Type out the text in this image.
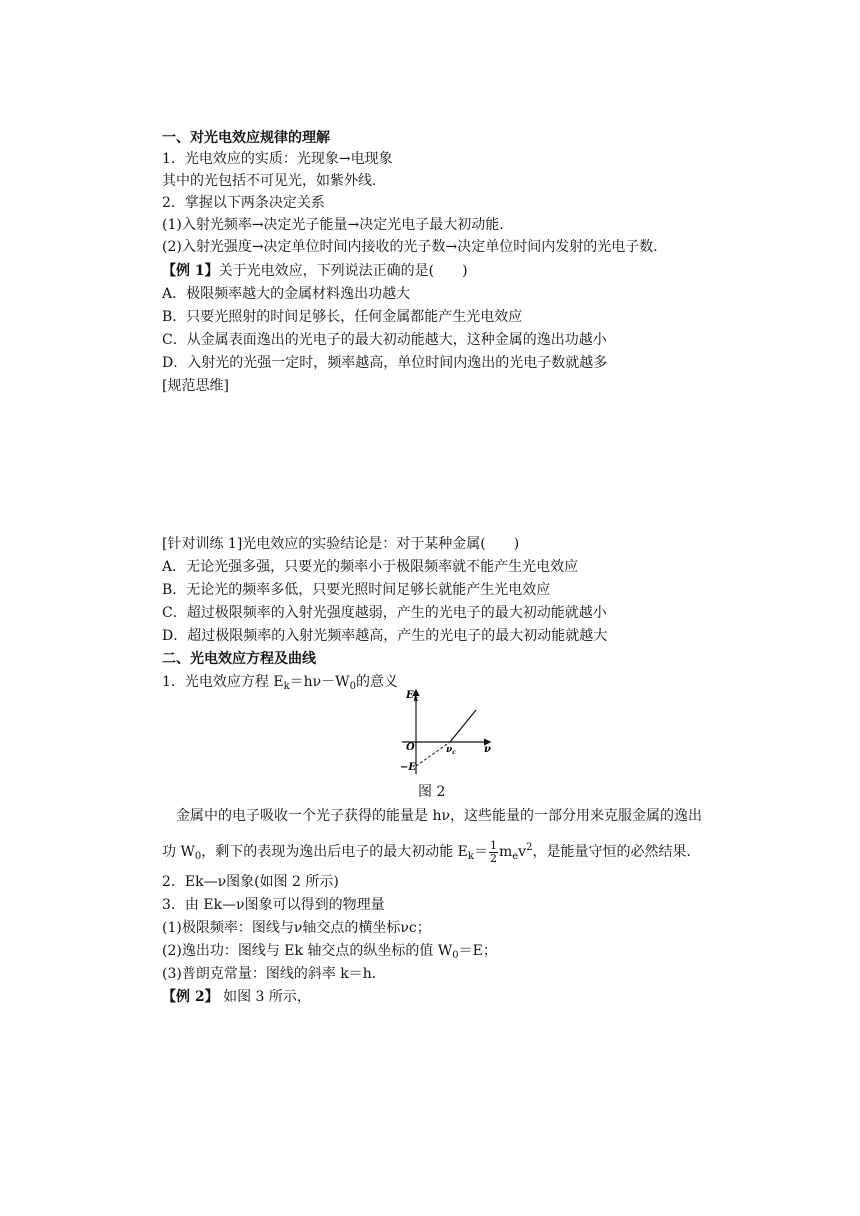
一、对光电效应规律的理解
1．光电效应的实质：光现象→电现象
其中的光包括不可见光，如紫外线．
2．掌握以下两条决定关系
(1)入射光频率→决定光子能量→决定光电子最大初动能．
(2)入射光强度→决定单位时间内接收的光子数→决定单位时间内发射的光电子数．
【例 1】关于光电效应，下列说法正确的是(　　)
A．极限频率越大的金属材料逸出功越大
B．只要光照射的时间足够长，任何金属都能产生光电效应
C．从金属表面逸出的光电子的最大初动能越大，这种金属的逸出功越小
D．入射光的光强一定时，频率越高，单位时间内逸出的光电子数就越多
[规范思维]
[针对训练 1]光电效应的实验结论是：对于某种金属(　　)
A．无论光强多强，只要光的频率小于极限频率就不能产生光电效应
B．无论光的频率多低，只要光照时间足够长就能产生光电效应
C．超过极限频率的入射光强度越弱，产生的光电子的最大初动能就越小
D．超过极限频率的入射光频率越高，产生的光电子的最大初动能就越大
二、光电效应方程及曲线
1．光电效应方程 $E_k=h\nu-W_0$的意义
$E_k$
ν
O
−E
$\nu_c$
图 2
金属中的电子吸收一个光子获得的能量是 hν，这些能量的一部分用来克服金属的逸出
功 $W_0$，剩下的表现为逸出后电子的最大初动能 $E_k= \frac{1}{2} m_ev^2$，是能量守恒的必然结果．
2．Ek—ν图象(如图 2 所示)
3．由 Ek—ν图象可以得到的物理量
(1)极限频率：图线与ν轴交点的横坐标νc；
(2)逸出功：图线与 Ek 轴交点的纵坐标的值 $W_0=E$；
(3)普朗克常量：图线的斜率 k＝h.
【例 2】 如图 3 所示，
